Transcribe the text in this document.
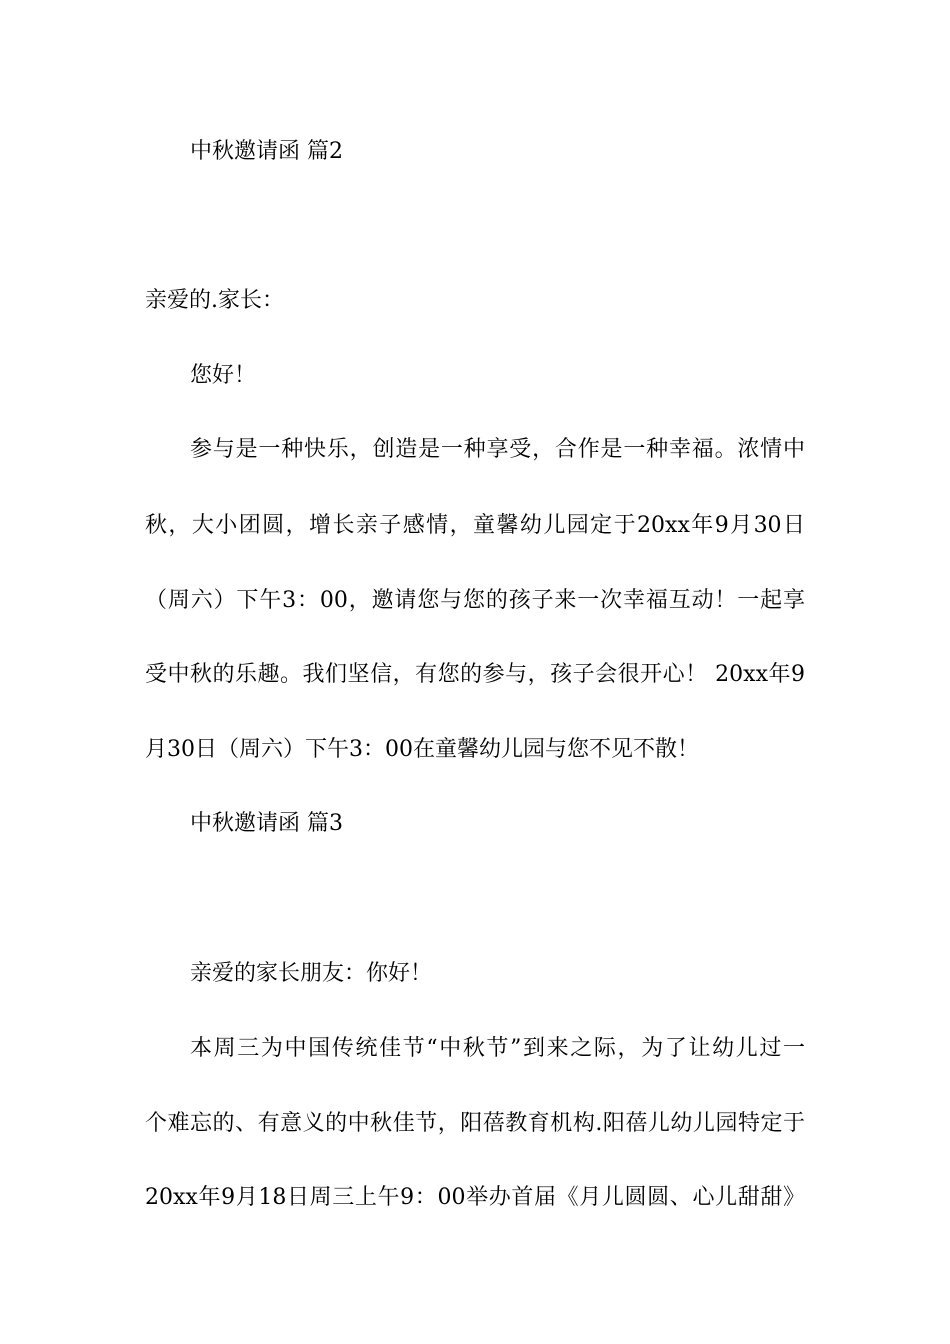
中秋邀请函 篇2
亲爱的.家长：
您好！
参与是一种快乐，创造是一种享受，合作是一种幸福。浓情中
秋，大小团圆，增长亲子感情，童馨幼儿园定于20xx年9月30日
（周六）下午3：00，邀请您与您的孩子来一次幸福互动！一起享
受中秋的乐趣。我们坚信，有您的参与，孩子会很开心！ 20xx年9
月30日（周六）下午3：00在童馨幼儿园与您不见不散！
中秋邀请函 篇3
亲爱的家长朋友：你好！
本周三为中国传统佳节“中秋节”到来之际，为了让幼儿过一
个难忘的、有意义的中秋佳节，阳蓓教育机构.阳蓓儿幼儿园特定于
20xx年9月18日周三上午9：00举办首届《月儿圆圆、心儿甜甜》
